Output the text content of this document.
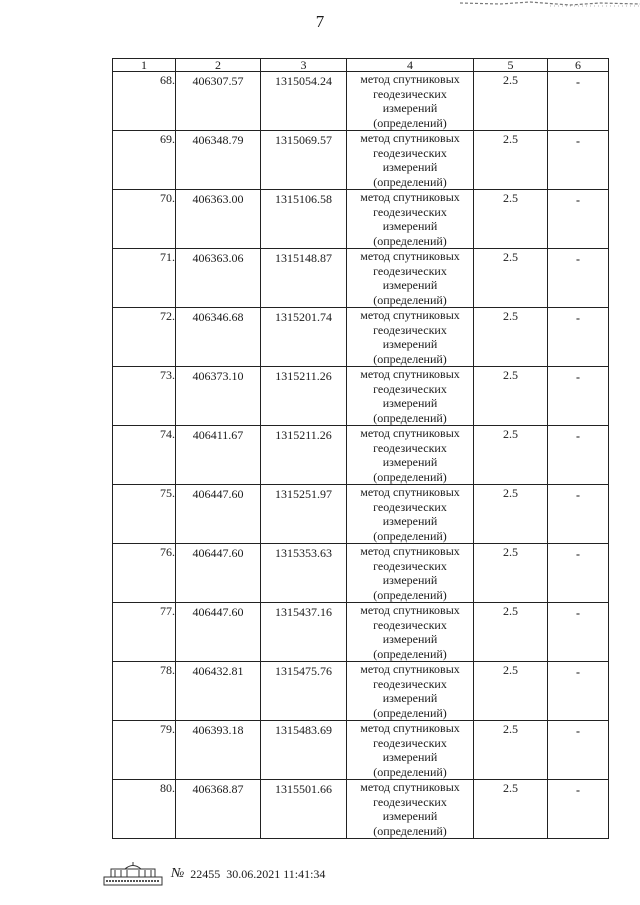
7
1	2	3	4	5	6
68.	406307.57	1315054.24	метод спутниковых
геодезических
измерений
(определений)	2.5	-
69.	406348.79	1315069.57	метод спутниковых
геодезических
измерений
(определений)	2.5	-
70.	406363.00	1315106.58	метод спутниковых
геодезических
измерений
(определений)	2.5	-
71.	406363.06	1315148.87	метод спутниковых
геодезических
измерений
(определений)	2.5	-
72.	406346.68	1315201.74	метод спутниковых
геодезических
измерений
(определений)	2.5	-
73.	406373.10	1315211.26	метод спутниковых
геодезических
измерений
(определений)	2.5	-
74.	406411.67	1315211.26	метод спутниковых
геодезических
измерений
(определений)	2.5	-
75.	406447.60	1315251.97	метод спутниковых
геодезических
измерений
(определений)	2.5	-
76.	406447.60	1315353.63	метод спутниковых
геодезических
измерений
(определений)	2.5	-
77.	406447.60	1315437.16	метод спутниковых
геодезических
измерений
(определений)	2.5	-
78.	406432.81	1315475.76	метод спутниковых
геодезических
измерений
(определений)	2.5	-
79.	406393.18	1315483.69	метод спутниковых
геодезических
измерений
(определений)	2.5	-
80.	406368.87	1315501.66	метод спутниковых
геодезических
измерений
(определений)	2.5	-
№ 22455 30.06.2021 11:41:34
